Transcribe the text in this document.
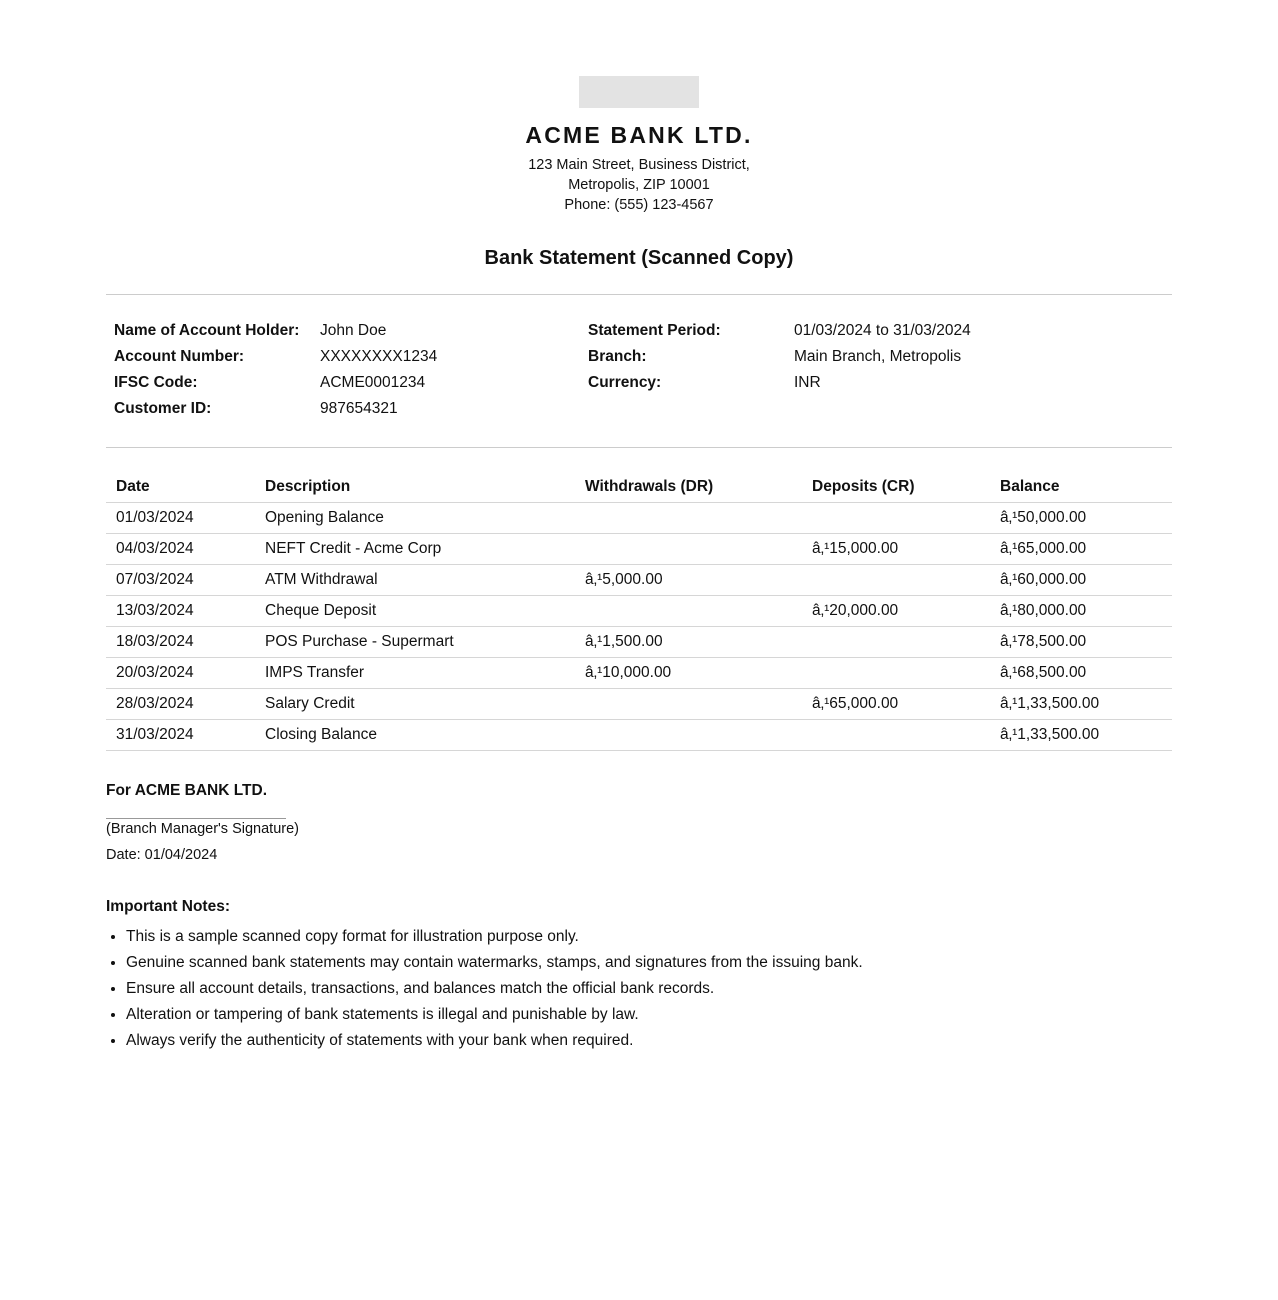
ACME BANK LTD.
123 Main Street, Business District,
Metropolis, ZIP 10001
Phone: (555) 123-4567
Bank Statement (Scanned Copy)
Name of Account Holder: John Doe
Account Number:	XXXXXXXX1234
IFSC Code:	ACME0001234
Customer ID:	987654321
Statement Period:	01/03/2024 to 31/03/2024
Branch:	Main Branch, Metropolis
Currency:	INR
Date	Description	Withdrawals (DR)	Deposits (CR)	Balance
01/03/2024	Opening Balance			â‚¹50,000.00
04/03/2024	NEFT Credit - Acme Corp		â‚¹15,000.00	â‚¹65,000.00
07/03/2024	ATM Withdrawal	â‚¹5,000.00		â‚¹60,000.00
13/03/2024	Cheque Deposit		â‚¹20,000.00	â‚¹80,000.00
18/03/2024	POS Purchase - Supermart	â‚¹1,500.00		â‚¹78,500.00
20/03/2024	IMPS Transfer	â‚¹10,000.00		â‚¹68,500.00
28/03/2024	Salary Credit		â‚¹65,000.00	â‚¹1,33,500.00
31/03/2024	Closing Balance			â‚¹1,33,500.00
For ACME BANK LTD.
(Branch Manager's Signature)
Date: 01/04/2024
Important Notes:
• This is a sample scanned copy format for illustration purpose only.
• Genuine scanned bank statements may contain watermarks, stamps, and signatures from the issuing bank.
• Ensure all account details, transactions, and balances match the official bank records.
• Alteration or tampering of bank statements is illegal and punishable by law.
• Always verify the authenticity of statements with your bank when required.
